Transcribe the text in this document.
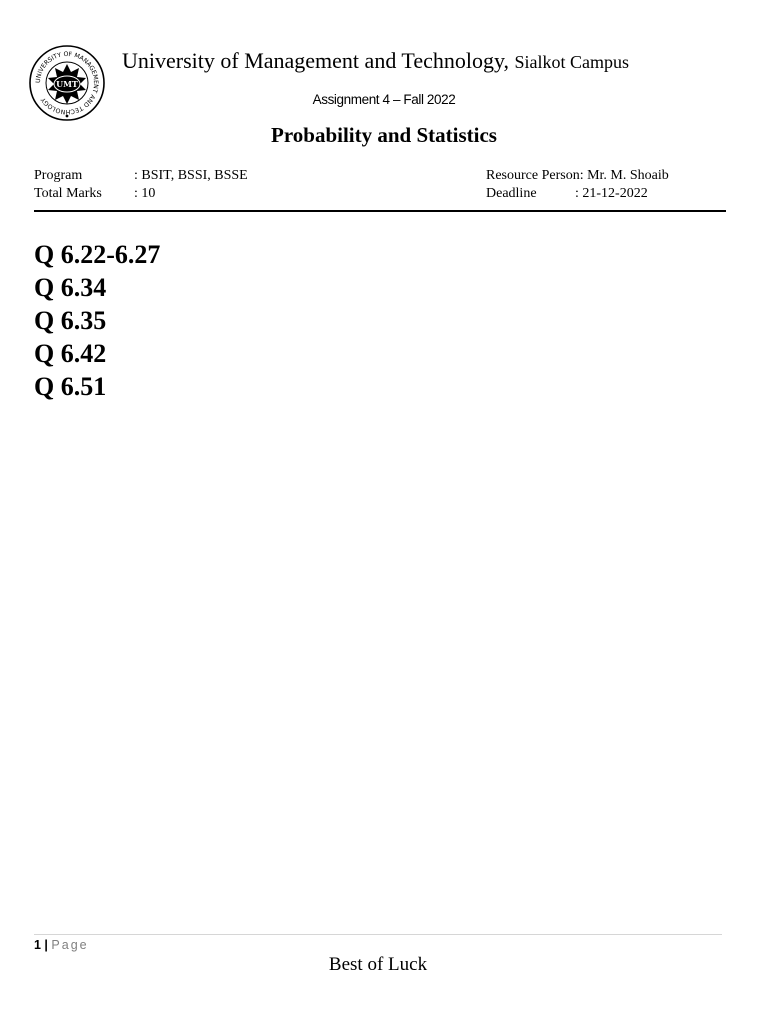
UNIVERSITY OF MANAGEMENT AND TECHNOLOGY
UMT
University of Management and Technology, Sialkot Campus
Assignment 4 – Fall 2022
Probability and Statistics
Program	: BSIT, BSSI, BSSE
Total Marks : 10
Resource Person: Mr. M. Shoaib
Deadline	: 21-12-2022
Q 6.22-6.27
Q 6.34
Q 6.35
Q 6.42
Q 6.51
1 | Page
Best of Luck
